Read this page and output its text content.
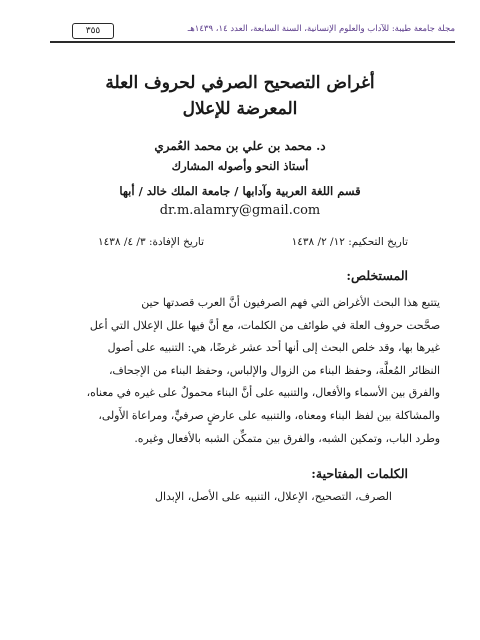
مجلة جامعة طيبة: للآداب والعلوم الإنسانية، السنة السابعة، العدد ١٤، ١٤٣٩هـ
٣٥٥
أغراض التصحيح الصرفي لحروف العلة
المعرضة للإعلال

د. محمد بن علي بن محمد العُمري

أستاذ النحو وأصوله المشارك

قسم اللغة العربية وآدابها / جامعة الملك خالد / أبها

dr.m.alamry@gmail.com

تاريخ التحكيم: ١٢/ ٢/ ١٤٣٨

تاريخ الإفادة: ٣/ ٤/ ١٤٣٨

المستخلص:
يتتبع هذا البحث الأغراض التي فهم الصرفيون أنَّ العرب قصدتها حين
صحَّحت حروف العلة في طوائف من الكلمات، مع أنَّ فيها علل الإعلال التي أعل
غيرها بها، وقد خلص البحث إلى أنها أحد عشر غرضًا، هي: التنبيه على أصول
النظائر المُعلَّة، وحفظ البناء من الزوال والإلباس، وحفظ البناء من الإجحاف،
والفرق بين الأسماء والأفعال، والتنبيه على أنَّ البناء محمولٌ على غيره في معناه،
والمشاكلة بين لفظ البناء ومعناه، والتنبيه على عارضٍ صرفيٍّ، ومراعاة الأَولى،
وطرد الباب، وتمكين الشبه، والفرق بين متمكِّن الشبه بالأفعال وغيره.
الكلمات المفتاحية:

الصرف، التصحيح، الإعلال، التنبيه على الأصل، الإبدال
